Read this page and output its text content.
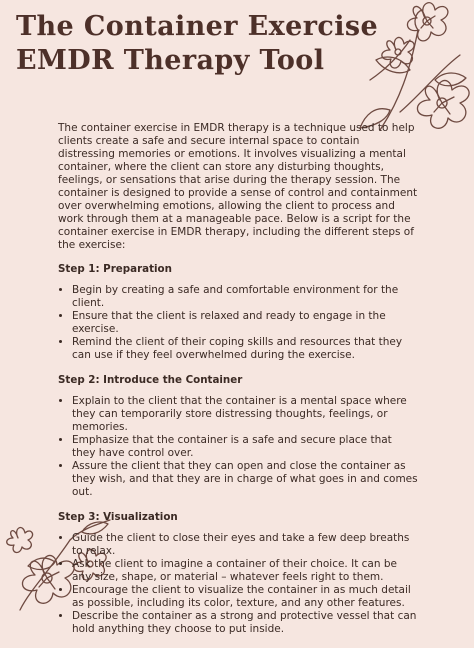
The Container Exercise
EMDR Therapy Tool

The container exercise in EMDR therapy is a technique used to help clients create a safe and secure internal space to contain distressing memories or emotions. It involves visualizing a mental container, where the client can store any disturbing thoughts, feelings, or sensations that arise during the therapy session. The container is designed to provide a sense of control and containment over overwhelming emotions, allowing the client to process and work through them at a manageable pace. Below is a script for the container exercise in EMDR therapy, including the different steps of the exercise:

Step 1: Preparation
• Begin by creating a safe and comfortable environment for the client.
• Ensure that the client is relaxed and ready to engage in the exercise.
• Remind the client of their coping skills and resources that they can use if they feel overwhelmed during the exercise.
Step 2: Introduce the Container
• Explain to the client that the container is a mental space where they can temporarily store distressing thoughts, feelings, or memories.
• Emphasize that the container is a safe and secure place that they have control over.
• Assure the client that they can open and close the container as they wish, and that they are in charge of what goes in and comes out.
Step 3: Visualization
• Guide the client to close their eyes and take a few deep breaths to relax.
• Ask the client to imagine a container of their choice. It can be any size, shape, or material – whatever feels right to them.
• Encourage the client to visualize the container in as much detail as possible, including its color, texture, and any other features.
• Describe the container as a strong and protective vessel that can hold anything they choose to put inside.
